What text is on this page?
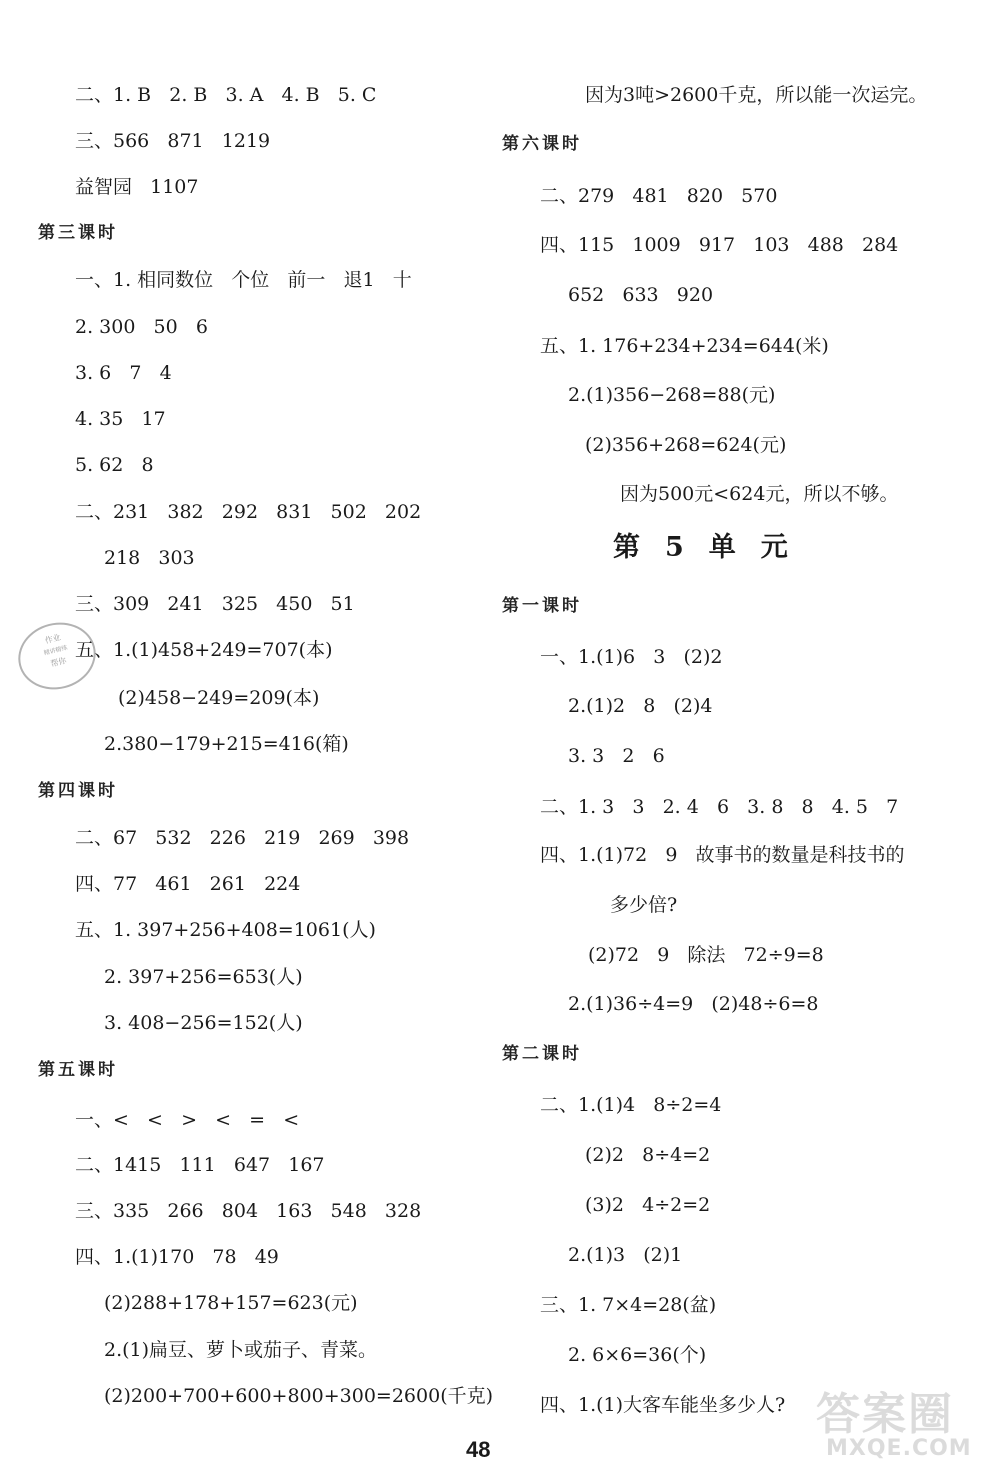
二、1. B   2. B   3. A   4. B   5. C
三、566   871   1219
益智园   1107
第三课时
一、1. 相同数位   个位   前一   退1   十
2. 300   50   6
3. 6   7   4
4. 35   17
5. 62   8
二、231   382   292   831   502   202
218   303
三、309   241   325   450   51
五、1.(1)458+249=707(本)
(2)458−249=209(本)
2.380−179+215=416(箱)
第四课时
二、67   532   226   219   269   398
四、77   461   261   224
五、1. 397+256+408=1061(人)
2. 397+256=653(人)
3. 408−256=152(人)
第五课时
一、<   <   >   <   =   <
二、1415   111   647   167
三、335   266   804   163   548   328
四、1.(1)170   78   49
(2)288+178+157=623(元)
2.(1)扁豆、萝卜或茄子、青菜。
(2)200+700+600+800+300=2600(千克)
因为3吨>2600千克，所以能一次运完。
第六课时
二、279   481   820   570
四、115   1009   917   103   488   284
652   633   920
五、1. 176+234+234=644(米)
2.(1)356−268=88(元)
(2)356+268=624(元)
因为500元<624元，所以不够。
第5单元
第一课时
一、1.(1)6   3   (2)2
2.(1)2   8   (2)4
3. 3   2   6
二、1. 3   3   2. 4   6   3. 8   8   4. 5   7
四、1.(1)72   9   故事书的数量是科技书的
多少倍?
(2)72   9   除法   72÷9=8
2.(1)36÷4=9   (2)48÷6=8
第二课时
二、1.(1)4   8÷2=4
(2)2   8÷4=2
(3)2   4÷2=2
2.(1)3   (2)1
三、1. 7×4=28(盆)
2. 6×6=36(个)
四、1.(1)大客车能坐多少人?
作业
精讲精练
帮你
48
答案圈
MXQE.COM
